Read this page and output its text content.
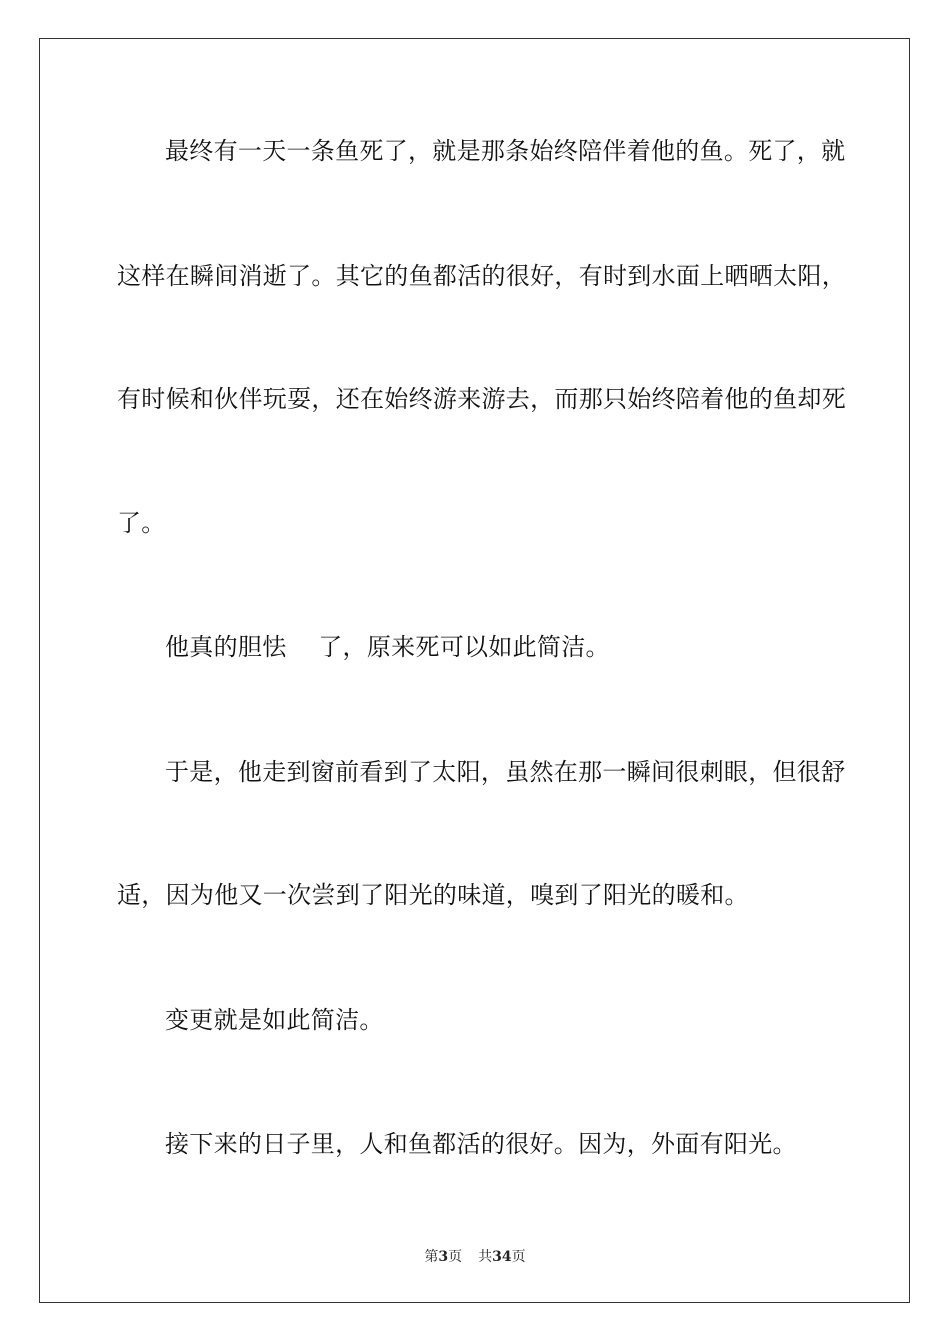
最终有一天一条鱼死了，就是那条始终陪伴着他的鱼。死了，就
这样在瞬间消逝了。其它的鱼都活的很好，有时到水面上晒晒太阳，
有时候和伙伴玩耍，还在始终游来游去，而那只始终陪着他的鱼却死
了。
他真的胆怯    了，原来死可以如此简洁。
于是，他走到窗前看到了太阳，虽然在那一瞬间很刺眼，但很舒
适，因为他又一次尝到了阳光的味道，嗅到了阳光的暖和。
变更就是如此简洁。
接下来的日子里，人和鱼都活的很好。因为，外面有阳光。
第3页 共34页
